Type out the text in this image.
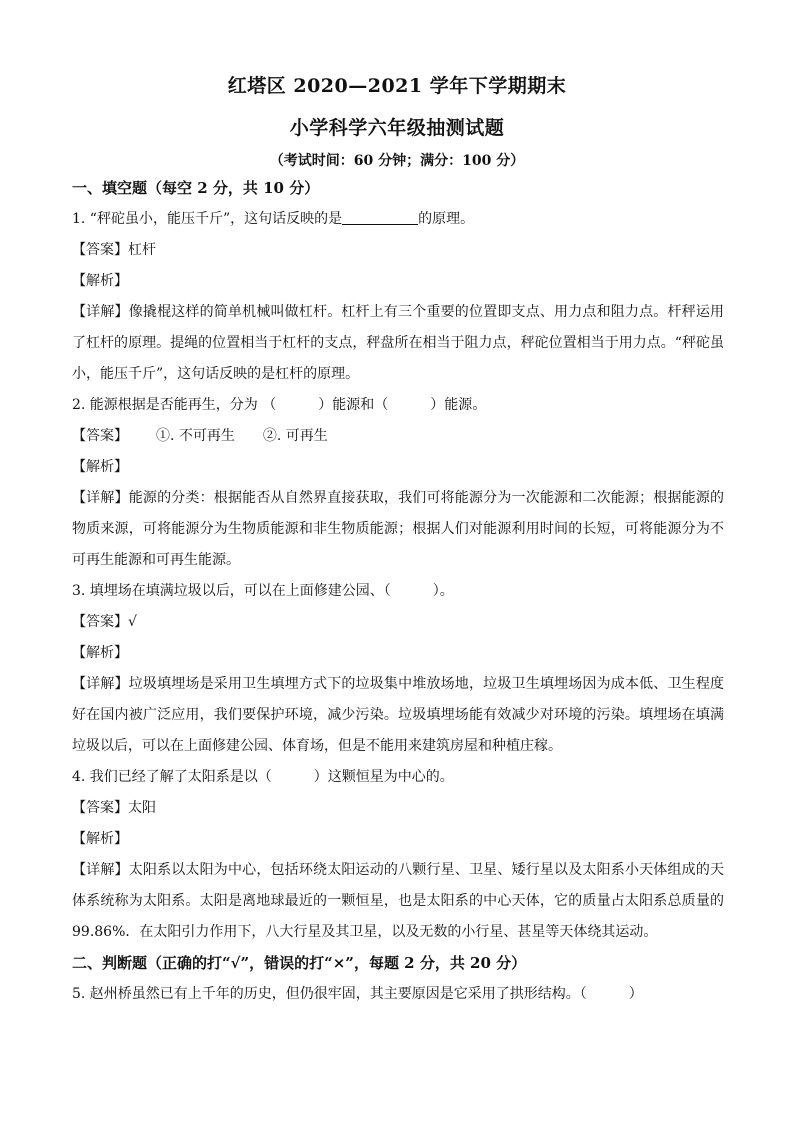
红塔区 2020—2021 学年下学期期末
小学科学六年级抽测试题
（考试时间：60 分钟；满分：100 分）
一、填空题（每空 2 分，共 10 分）
1. “秤砣虽小，能压千斤”，这句话反映的是	的原理。
【答案】杠杆
【解析】

【详解】像撬棍这样的简单机械叫做杠杆。杠杆上有三个重要的位置即支点、用力点和阻力点。杆秤运用了杠杆的原理。提绳的位置相当于杠杆的支点，秤盘所在相当于阻力点，秤砣位置相当于用力点。“秤砣虽小，能压千斤”，这句话反映的是杠杆的原理。

2. 能源根据是否能再生，分为 （　　　）能源和（　　　）能源。
【答案】 ①. 不可再生 ②. 可再生
【解析】

【详解】能源的分类：根据能否从自然界直接获取，我们可将能源分为一次能源和二次能源；根据能源的物质来源，可将能源分为生物质能源和非生物质能源；根据人们对能源利用时间的长短，可将能源分为不可再生能源和可再生能源。

3. 填埋场在填满垃圾以后，可以在上面修建公园、（　　　）。
【答案】√
【解析】

【详解】垃圾填埋场是采用卫生填埋方式下的垃圾集中堆放场地，垃圾卫生填埋场因为成本低、卫生程度好在国内被广泛应用，我们要保护环境，减少污染。垃圾填埋场能有效减少对环境的污染。填埋场在填满垃圾以后，可以在上面修建公园、体育场，但是不能用来建筑房屋和种植庄稼。

4. 我们已经了解了太阳系是以（　　　）这颗恒星为中心的。
【答案】太阳
【解析】

【详解】太阳系以太阳为中心，包括环绕太阳运动的八颗行星、卫星、矮行星以及太阳系小天体组成的天体系统称为太阳系。太阳是离地球最近的一颗恒星，也是太阳系的中心天体，它的质量占太阳系总质量的 99.86%．在太阳引力作用下，八大行星及其卫星，以及无数的小行星、甚星等天体绕其运动。

二、判断题（正确的打“√”，错误的打“×”，每题 2 分，共 20 分）
5. 赵州桥虽然已有上千年的历史，但仍很牢固，其主要原因是它采用了拱形结构。（　　　）
